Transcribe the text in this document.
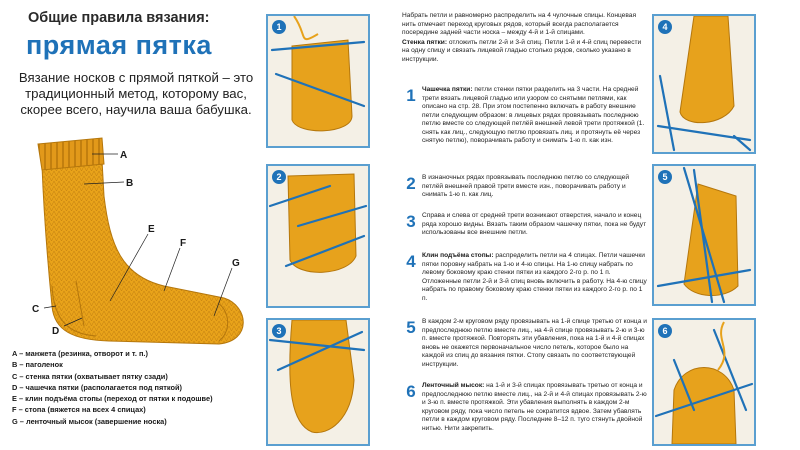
Общие правила вязания:
прямая пятка
Вязание носков с прямой пяткой – это традиционный метод, которому вас, скорее всего, научила ваша бабушка.
A
B
C
D
E
F
G
A – манжета (резинка, отворот и т. п.)
B – паголенок
C – стенка пятки (охватывает пятку сзади)
D – чашечка пятки (располагается под пяткой)
E – клин подъёма стопы (переход от пятки к подошве)
F – стопа (вяжется на всех 4 спицах)
G – ленточный мысок (завершение носка)
1
2
3
Набрать петли и равномерно распределить на 4 чулочные спицы. Концевая нить отмечает переход круговых рядов, который всегда располагается посередине задней части носка – между 4-й и 1-й спицами.
Стенка пятки: отложить петли 2-й и 3-й спиц. Петли 1-й и 4-й спиц перевести на одну спицу и связать лицевой гладью столько рядов, сколько указано в инструкции.
1 Чашечка пятки: петли стенки пятки разделить на 3 части. На средней трети вязать лицевой гладью или узором со снятыми петлями, как описано на стр. 28. При этом постепенно включать в работу внешние петли следующим образом: в лицевых рядах провязывать последнюю петлю вместе со следующей петлёй внешней левой трети протяжкой (1. снять как лиц., следующую петлю провязать лиц. и протянуть её через снятую петлю), поворачивать работу и снимать 1-ю п. как изн.
2 В изнаночных рядах провязывать последнюю петлю со следующей петлёй внешней правой трети вместе изн., поворачивать работу и снимать 1-ю п. как лиц.
3 Справа и слева от средней трети возникают отверстия, начало и конец ряда хорошо видны. Вязать таким образом чашечку пятки, пока не будут использованы все внешние петли.
4 Клин подъёма стопы: распределить петли на 4 спицах. Петли чашечки пятки поровну набрать на 1-ю и 4-ю спицы. На 1-ю спицу набрать по левому боковому краю стенки пятки из каждого 2-го р. по 1 п. Отложенные петли 2-й и 3-й спиц вновь включить в работу. На 4-ю спицу набрать по правому боковому краю стенки пятки из каждого 2-го р. по 1 п.
5 В каждом 2-м круговом ряду провязывать на 1-й спице третью от конца и предпоследнюю петлю вместе лиц., на 4-й спице провязывать 2-ю и 3-ю п. вместе протяжкой. Повторять эти убавления, пока на 1-й и 4-й спицах вновь не окажется первоначальное число петель, которое было на каждой из спиц до вязания пятки. Стопу связать по соответствующей инструкции.
6 Ленточный мысок: на 1-й и 3-й спицах провязывать третью от конца и предпоследнюю петлю вместе лиц., на 2-й и 4-й спицах провязывать 2-ю и 3-ю п. вместе протяжкой. Эти убавления выполнять в каждом 2-м круговом ряду, пока число петель не сократится вдвое. Затем убавлять петли в каждом круговом ряду. Последние 8–12 п. туго стянуть двойной нитью. Нити закрепить.
4
5
6
